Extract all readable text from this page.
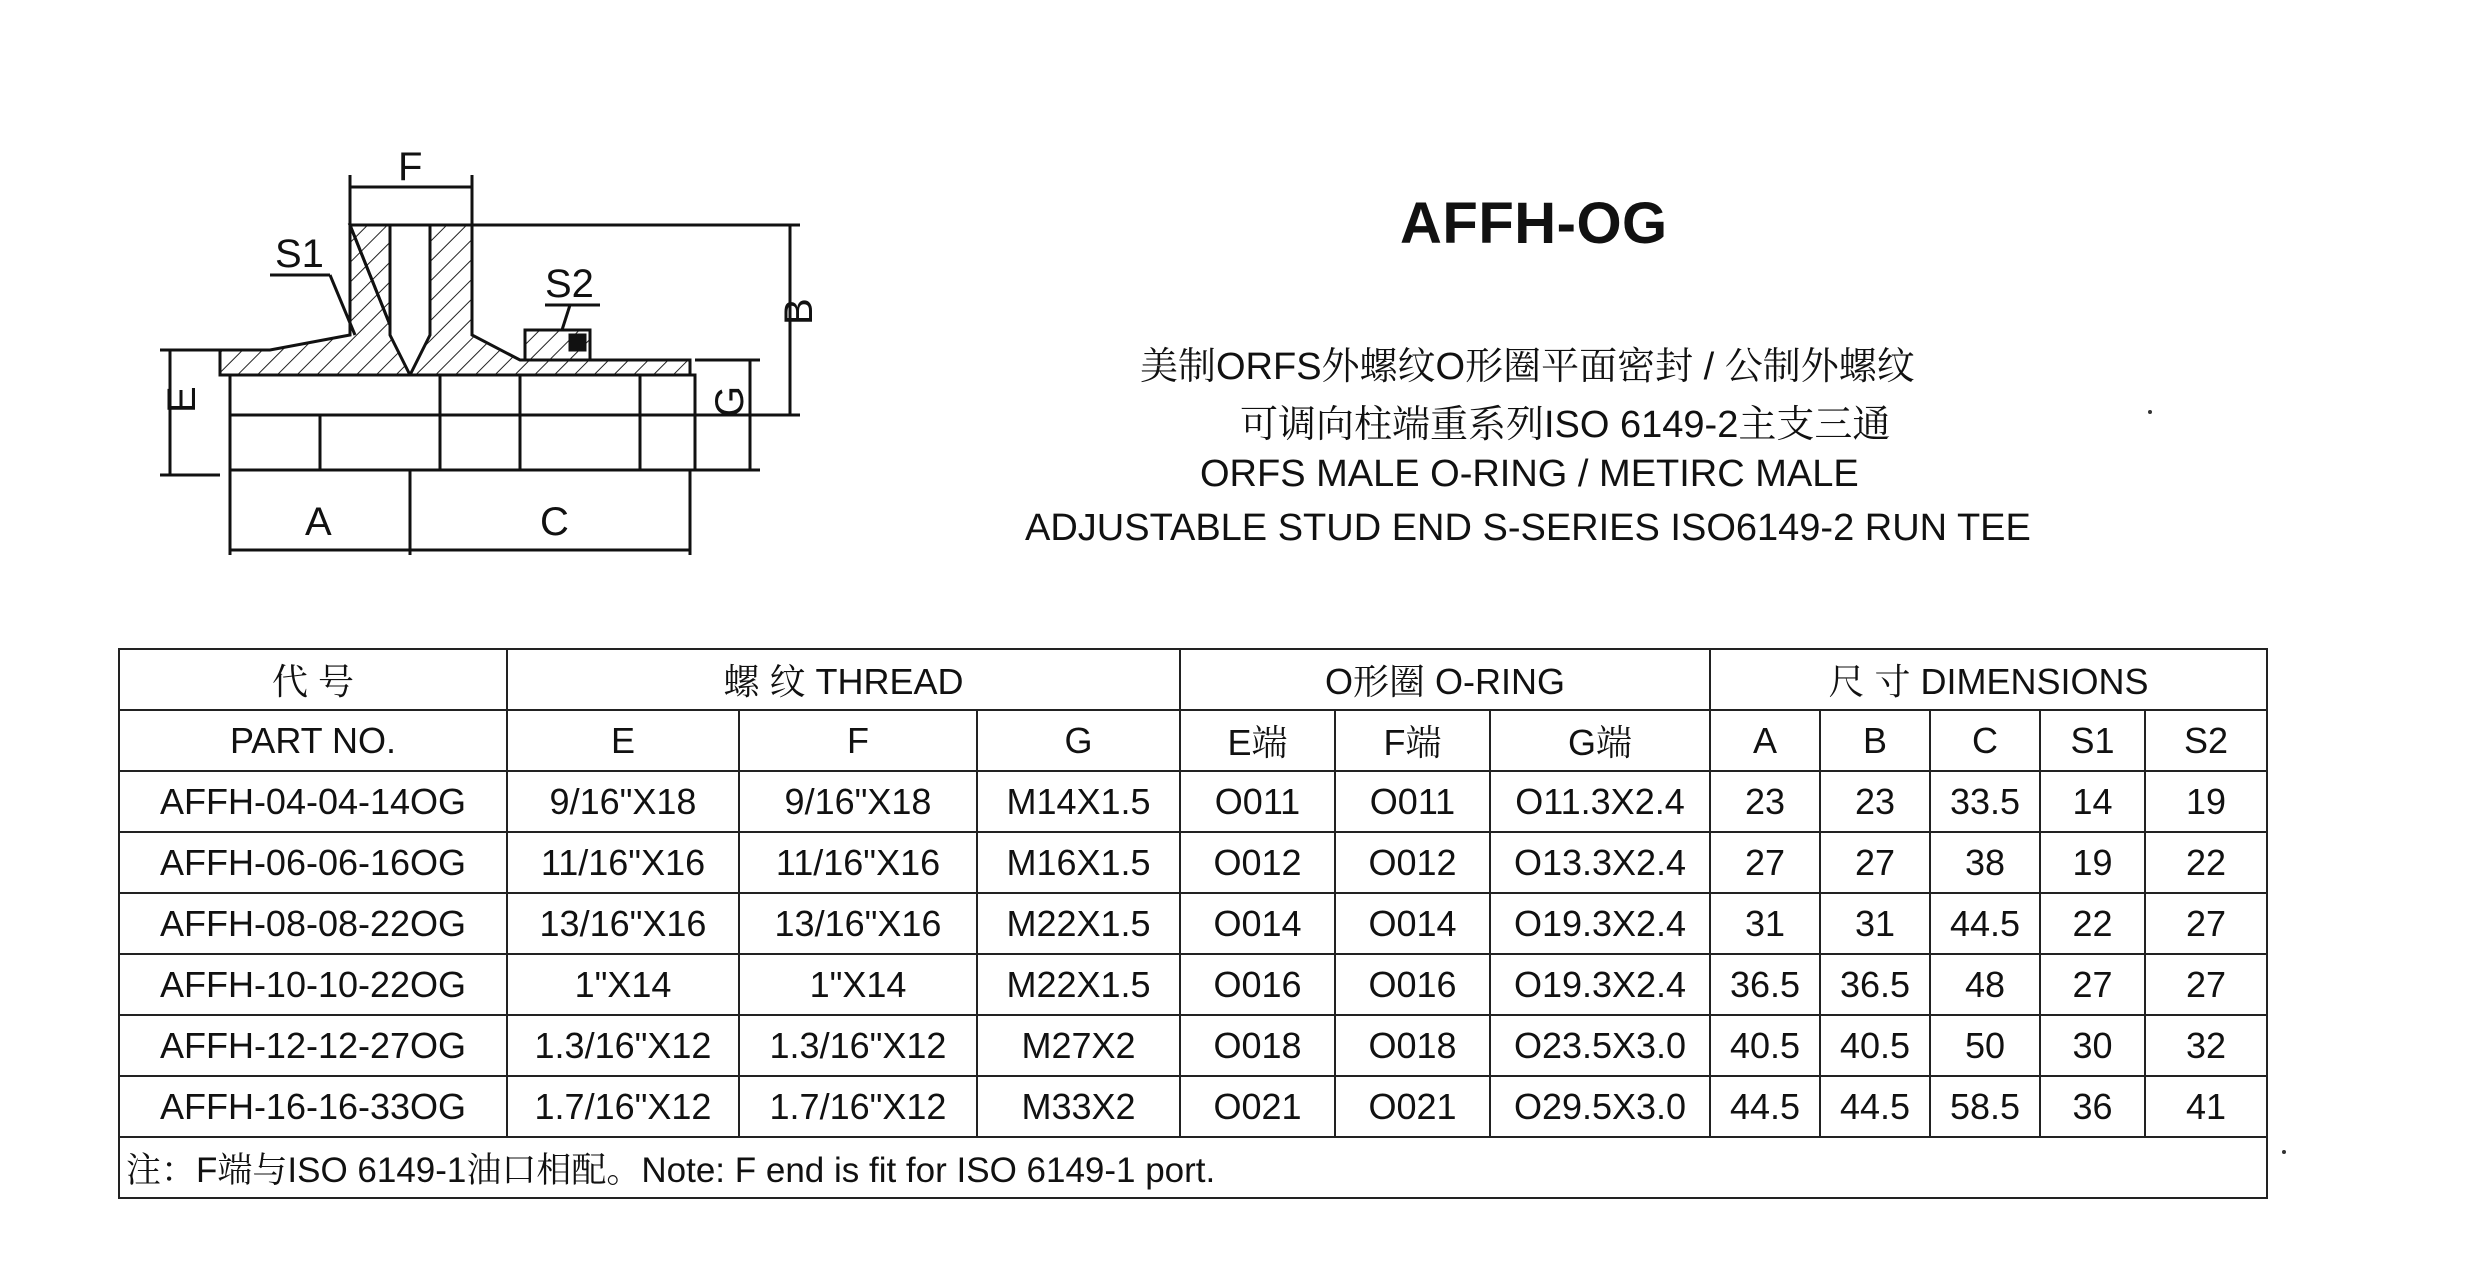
F
S1
S2
B
G
E
A	C
AFFH-OG
美制ORFS外螺纹O形圈平面密封 / 公制外螺纹
可调向柱端重系列ISO 6149-2主支三通
ORFS MALE O-RING / METIRC MALE
ADJUSTABLE STUD END S-SERIES ISO6149-2 RUN TEE
代 号	螺 纹 THREAD			O形圈 O-RING			尺 寸 DIMENSIONS				
PART NO.	E	F	G	E端	F端	G端	A	B	C	S1	S2
AFFH-04-04-14OG	9/16"X18	9/16"X18	M14X1.5	O011	O011	O11.3X2.4	23	23	33.5	14	19
AFFH-06-06-16OG	11/16"X16	11/16"X16	M16X1.5	O012	O012	O13.3X2.4	27	27	38	19	22
AFFH-08-08-22OG	13/16"X16	13/16"X16	M22X1.5	O014	O014	O19.3X2.4	31	31	44.5	22	27
AFFH-10-10-22OG	1"X14	1"X14	M22X1.5	O016	O016	O19.3X2.4	36.5	36.5	48	27	27
AFFH-12-12-27OG	1.3/16"X12	1.3/16"X12	M27X2	O018	O018	O23.5X3.0	40.5	40.5	50	30	32
AFFH-16-16-33OG	1.7/16"X12	1.7/16"X12	M33X2	O021	O021	O29.5X3.0	44.5	44.5	58.5	36	41
注：F端与ISO 6149-1油口相配。Note: F end is fit for ISO 6149-1 port.											
